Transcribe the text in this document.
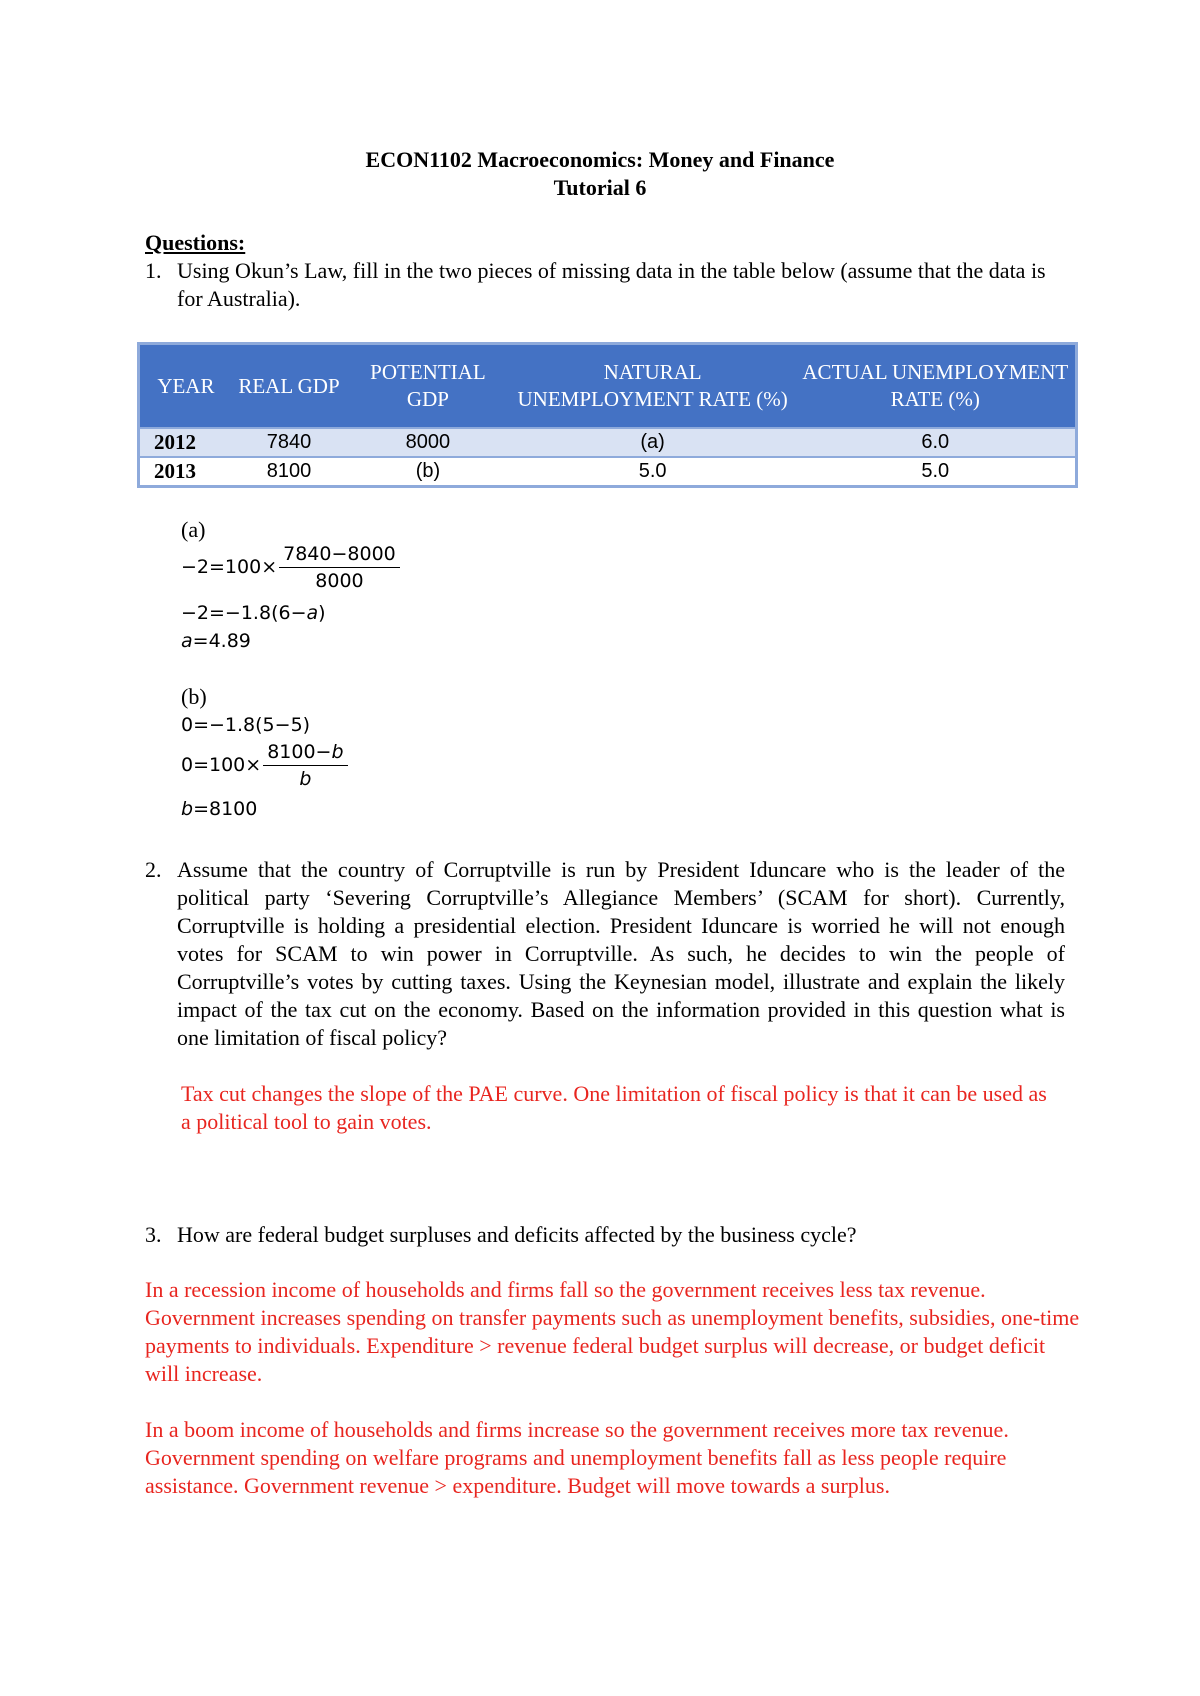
ECON1102 Macroeconomics: Money and Finance
Tutorial 6
Questions:
1. Using Okun’s Law, fill in the two pieces of missing data in the table below (assume that the data is for Australia).
YEAR	REAL GDP	POTENTIAL GDP	NATURAL UNEMPLOYMENT RATE (%)	ACTUAL UNEMPLOYMENT RATE (%)
2012	7840	8000	(a)	6.0
2013	8100	(b)	5.0	5.0
(a)
$-2=100\times \frac{7840-8000}{8000}$
−2=−1.8(6−a)
a=4.89
(b)
0=−1.8(5−5)
$0=100\times \frac{8100-b}{b}$
b=8100
2. Assume that the country of Corruptville is run by President Iduncare who is the leader of the political party ‘Severing Corruptville’s Allegiance Members’ (SCAM for short). Currently, Corruptville is holding a presidential election. President Iduncare is worried he will not enough votes for SCAM to win power in Corruptville. As such, he decides to win the people of Corruptville’s votes by cutting taxes. Using the Keynesian model, illustrate and explain the likely impact of the tax cut on the economy. Based on the information provided in this question what is one limitation of fiscal policy?
Tax cut changes the slope of the PAE curve. One limitation of fiscal policy is that it can be used as a political tool to gain votes.
3. How are federal budget surpluses and deficits affected by the business cycle?
In a recession income of households and firms fall so the government receives less tax revenue. Government increases spending on transfer payments such as unemployment benefits, subsidies, one-time payments to individuals. Expenditure > revenue federal budget surplus will decrease, or budget deficit will increase.
In a boom income of households and firms increase so the government receives more tax revenue. Government spending on welfare programs and unemployment benefits fall as less people require assistance. Government revenue > expenditure. Budget will move towards a surplus.
